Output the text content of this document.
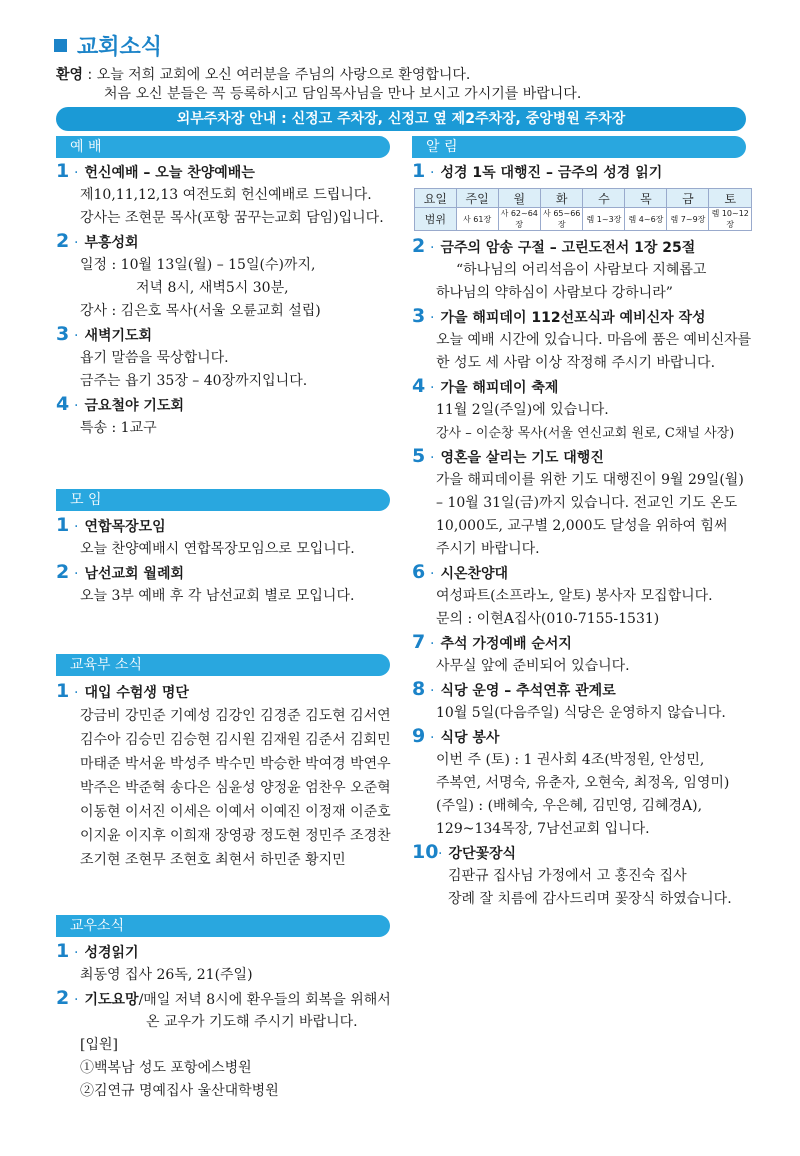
교회소식
환영 : 오늘 저희 교회에 오신 여러분을 주님의 사랑으로 환영합니다.
처음 오신 분들은 꼭 등록하시고 담임목사님을 만나 보시고 가시기를 바랍니다.
외부주차장 안내 : 신정고 주차장, 신정고 옆 제2주차장, 중앙병원 주차장
예 배
1 · 헌신예배 – 오늘 찬양예배는
제10,11,12,13 여전도회 헌신예배로 드립니다.
강사는 조현문 목사(포항 꿈꾸는교회 담임)입니다.
2 · 부흥성회
일정 : 10월 13일(월) – 15일(수)까지,
저녁 8시, 새벽5시 30분,
강사 : 김은호 목사(서울 오륜교회 설립)
3 · 새벽기도회
욥기 말씀을 묵상합니다.
금주는 욥기 35장 – 40장까지입니다.
4 · 금요철야 기도회
특송 : 1교구
모 임
1 · 연합목장모임
오늘 찬양예배시 연합목장모임으로 모입니다.
2 · 남선교회 월례회
오늘 3부 예배 후 각 남선교회 별로 모입니다.
교육부 소식
1 · 대입 수험생 명단
강금비 강민준 기예성 김강인 김경준 김도현 김서연
김수아 김승민 김승현 김시원 김재원 김준서 김회민
마태준 박서윤 박성주 박수민 박승한 박여경 박연우
박주은 박준혁 송다은 심윤성 양정윤 엄찬우 오준혁
이동현 이서진 이세은 이예서 이예진 이정재 이준호
이지윤 이지후 이희재 장영광 정도현 정민주 조경찬
조기현 조현무 조현호 최현서 하민준 황지민
교우소식
1 · 성경읽기
최동영 집사 26독, 21(주일)
2 · 기도요망 /매일 저녁 8시에 환우들의 회복을 위해서
온 교우가 기도해 주시기 바랍니다.
[입원]
①백복남 성도 포항에스병원
②김연규 명예집사 울산대학병원
알 림
1 · 성경 1독 대행진 – 금주의 성경 읽기
요일	주일	월	화	수	목	금	토
범위	사 61장	사 62~64장	사 65~66장	렘 1~3장	렘 4~6장	렘 7~9장	렘 10~12장
2 · 금주의 암송 구절 – 고린도전서 1장 25절
“하나님의 어리석음이 사람보다 지혜롭고
하나님의 약하심이 사람보다 강하니라”
3 · 가을 해피데이 112선포식과 예비신자 작성
오늘 예배 시간에 있습니다. 마음에 품은 예비신자를
한 성도 세 사람 이상 작정해 주시기 바랍니다.
4 · 가을 해피데이 축제
11월 2일(주일)에 있습니다.
강사 – 이순창 목사(서울 연신교회 원로, C채널 사장)
5 · 영혼을 살리는 기도 대행진
가을 해피데이를 위한 기도 대행진이 9월 29일(월)
– 10월 31일(금)까지 있습니다. 전교인 기도 온도
10,000도, 교구별 2,000도 달성을 위하여 힘써
주시기 바랍니다.
6 · 시온찬양대
여성파트(소프라노, 알토) 봉사자 모집합니다.
문의 : 이현A집사(010-7155-1531)
7 · 추석 가정예배 순서지
사무실 앞에 준비되어 있습니다.
8 · 식당 운영 – 추석연휴 관계로
10월 5일(다음주일) 식당은 운영하지 않습니다.
9 · 식당 봉사
이번 주 (토) : 1 권사회 4조(박정원, 안성민,
주복연, 서명숙, 유춘자, 오현숙, 최정옥, 임영미)
(주일) : (배혜숙, 우은혜, 김민영, 김혜경A),
129~134목장, 7남선교회 입니다.
10 · 강단꽃장식
김판규 집사님 가정에서 고 홍진숙 집사
장례 잘 치름에 감사드리며 꽃장식 하였습니다.
